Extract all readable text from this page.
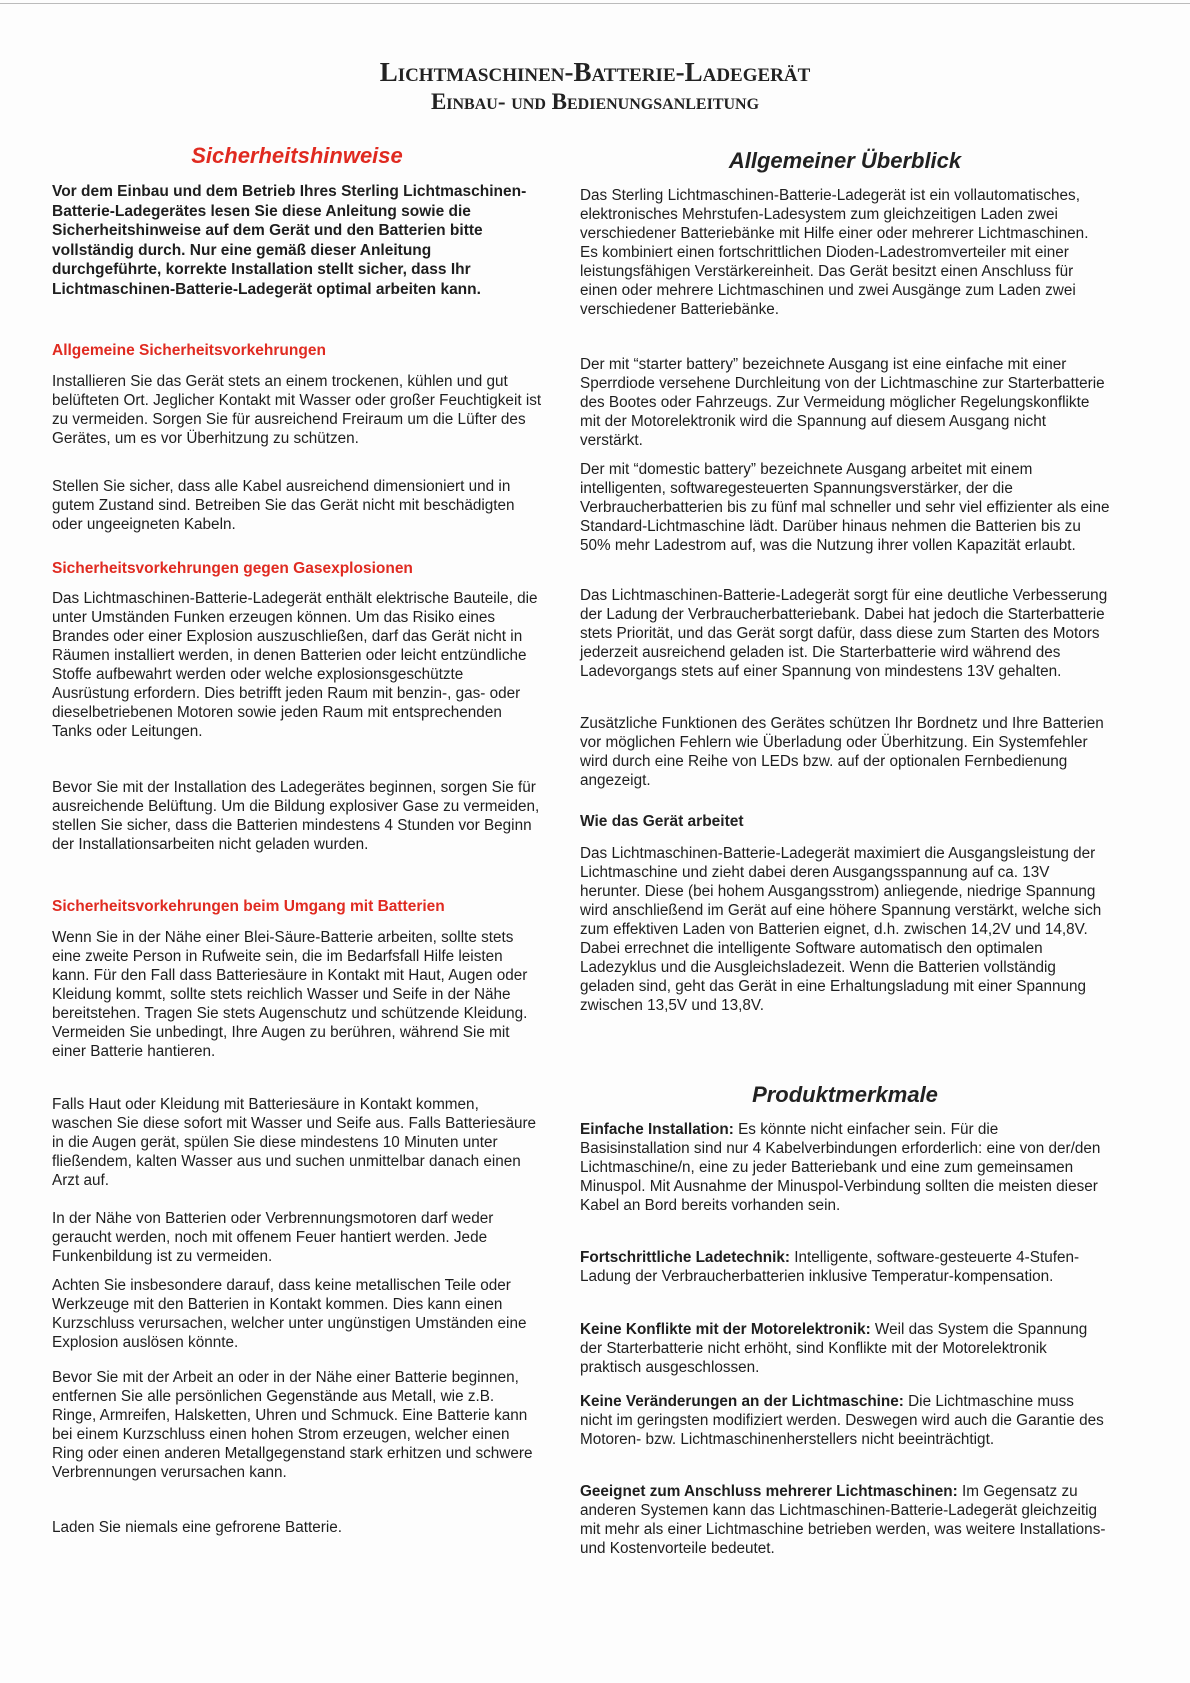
Lichtmaschinen-Batterie-Ladegerät
Einbau- und Bedienungsanleitung
Sicherheitshinweise

Vor dem Einbau und dem Betrieb Ihres Sterling Lichtmaschinen-Batterie-Ladegerätes lesen Sie diese Anleitung sowie die Sicherheitshinweise auf dem Gerät und den Batterien bitte vollständig durch. Nur eine gemäß dieser Anleitung durchgeführte, korrekte Installation stellt sicher, dass Ihr Lichtmaschinen-Batterie-Ladegerät optimal arbeiten kann.

Allgemeine Sicherheitsvorkehrungen

Installieren Sie das Gerät stets an einem trockenen, kühlen und gut belüfteten Ort. Jeglicher Kontakt mit Wasser oder großer Feuchtigkeit ist zu vermeiden. Sorgen Sie für ausreichend Freiraum um die Lüfter des Gerätes, um es vor Überhitzung zu schützen.

Stellen Sie sicher, dass alle Kabel ausreichend dimensioniert und in gutem Zustand sind. Betreiben Sie das Gerät nicht mit beschädigten oder ungeeigneten Kabeln.

Sicherheitsvorkehrungen gegen Gasexplosionen

Das Lichtmaschinen-Batterie-Ladegerät enthält elektrische Bauteile, die unter Umständen Funken erzeugen können. Um das Risiko eines Brandes oder einer Explosion auszuschließen, darf das Gerät nicht in Räumen installiert werden, in denen Batterien oder leicht entzündliche Stoffe aufbewahrt werden oder welche explosionsgeschützte Ausrüstung erfordern. Dies betrifft jeden Raum mit benzin-, gas- oder dieselbetriebenen Motoren sowie jeden Raum mit entsprechenden Tanks oder Leitungen.

Bevor Sie mit der Installation des Ladegerätes beginnen, sorgen Sie für ausreichende Belüftung. Um die Bildung explosiver Gase zu vermeiden, stellen Sie sicher, dass die Batterien mindestens 4 Stunden vor Beginn der Installationsarbeiten nicht geladen wurden.

Sicherheitsvorkehrungen beim Umgang mit Batterien

Wenn Sie in der Nähe einer Blei-Säure-Batterie arbeiten, sollte stets eine zweite Person in Rufweite sein, die im Bedarfsfall Hilfe leisten kann. Für den Fall dass Batteriesäure in Kontakt mit Haut, Augen oder Kleidung kommt, sollte stets reichlich Wasser und Seife in der Nähe bereitstehen. Tragen Sie stets Augenschutz und schützende Kleidung. Vermeiden Sie unbedingt, Ihre Augen zu berühren, während Sie mit einer Batterie hantieren.

Falls Haut oder Kleidung mit Batteriesäure in Kontakt kommen, waschen Sie diese sofort mit Wasser und Seife aus. Falls Batteriesäure in die Augen gerät, spülen Sie diese mindestens 10 Minuten unter fließendem, kalten Wasser aus und suchen unmittelbar danach einen Arzt auf.

In der Nähe von Batterien oder Verbrennungsmotoren darf weder geraucht werden, noch mit offenem Feuer hantiert werden. Jede Funkenbildung ist zu vermeiden.

Achten Sie insbesondere darauf, dass keine metallischen Teile oder Werkzeuge mit den Batterien in Kontakt kommen. Dies kann einen Kurzschluss verursachen, welcher unter ungünstigen Umständen eine Explosion auslösen könnte.

Bevor Sie mit der Arbeit an oder in der Nähe einer Batterie beginnen, entfernen Sie alle persönlichen Gegenstände aus Metall, wie z.B. Ringe, Armreifen, Halsketten, Uhren und Schmuck. Eine Batterie kann bei einem Kurzschluss einen hohen Strom erzeugen, welcher einen Ring oder einen anderen Metallgegenstand stark erhitzen und schwere Verbrennungen verursachen kann.

Laden Sie niemals eine gefrorene Batterie.

Allgemeiner Überblick

Das Sterling Lichtmaschinen-Batterie-Ladegerät ist ein vollautomatisches, elektronisches Mehrstufen-Ladesystem zum gleichzeitigen Laden zwei verschiedener Batteriebänke mit Hilfe einer oder mehrerer Lichtmaschinen. Es kombiniert einen fortschrittlichen Dioden-Ladestromverteiler mit einer leistungsfähigen Verstärkereinheit. Das Gerät besitzt einen Anschluss für einen oder mehrere Lichtmaschinen und zwei Ausgänge zum Laden zwei verschiedener Batteriebänke.

Der mit “starter battery” bezeichnete Ausgang ist eine einfache mit einer Sperrdiode versehene Durchleitung von der Lichtmaschine zur Starterbatterie des Bootes oder Fahrzeugs. Zur Vermeidung möglicher Regelungskonflikte mit der Motorelektronik wird die Spannung auf diesem Ausgang nicht verstärkt.

Der mit “domestic battery” bezeichnete Ausgang arbeitet mit einem intelligenten, softwaregesteuerten Spannungsverstärker, der die Verbraucherbatterien bis zu fünf mal schneller und sehr viel effizienter als eine Standard-Lichtmaschine lädt. Darüber hinaus nehmen die Batterien bis zu 50% mehr Ladestrom auf, was die Nutzung ihrer vollen Kapazität erlaubt.

Das Lichtmaschinen-Batterie-Ladegerät sorgt für eine deutliche Verbesserung der Ladung der Verbraucherbatteriebank. Dabei hat jedoch die Starterbatterie stets Priorität, und das Gerät sorgt dafür, dass diese zum Starten des Motors jederzeit ausreichend geladen ist. Die Starterbatterie wird während des Ladevorgangs stets auf einer Spannung von mindestens 13V gehalten.

Zusätzliche Funktionen des Gerätes schützen Ihr Bordnetz und Ihre Batterien vor möglichen Fehlern wie Überladung oder Überhitzung. Ein Systemfehler wird durch eine Reihe von LEDs bzw. auf der optionalen Fernbedienung angezeigt.

Wie das Gerät arbeitet

Das Lichtmaschinen-Batterie-Ladegerät maximiert die Ausgangsleistung der Lichtmaschine und zieht dabei deren Ausgangsspannung auf ca. 13V herunter. Diese (bei hohem Ausgangsstrom) anliegende, niedrige Spannung wird anschließend im Gerät auf eine höhere Spannung verstärkt, welche sich zum effektiven Laden von Batterien eignet, d.h. zwischen 14,2V und 14,8V. Dabei errechnet die intelligente Software automatisch den optimalen Ladezyklus und die Ausgleichsladezeit. Wenn die Batterien vollständig geladen sind, geht das Gerät in eine Erhaltungsladung mit einer Spannung zwischen 13,5V und 13,8V.

Produktmerkmale

Einfache Installation: Es könnte nicht einfacher sein. Für die Basisinstallation sind nur 4 Kabelverbindungen erforderlich: eine von der/den Lichtmaschine/n, eine zu jeder Batteriebank und eine zum gemeinsamen Minuspol. Mit Ausnahme der Minuspol-Verbindung sollten die meisten dieser Kabel an Bord bereits vorhanden sein.

Fortschrittliche Ladetechnik: Intelligente, software-gesteuerte 4-Stufen-Ladung der Verbraucherbatterien inklusive Temperatur-kompensation.

Keine Konflikte mit der Motorelektronik: Weil das System die Spannung der Starterbatterie nicht erhöht, sind Konflikte mit der Motorelektronik praktisch ausgeschlossen.

Keine Veränderungen an der Lichtmaschine: Die Lichtmaschine muss nicht im geringsten modifiziert werden. Deswegen wird auch die Garantie des Motoren- bzw. Lichtmaschinenherstellers nicht beeinträchtigt.

Geeignet zum Anschluss mehrerer Lichtmaschinen: Im Gegensatz zu anderen Systemen kann das Lichtmaschinen-Batterie-Ladegerät gleichzeitig mit mehr als einer Lichtmaschine betrieben werden, was weitere Installations- und Kostenvorteile bedeutet.
